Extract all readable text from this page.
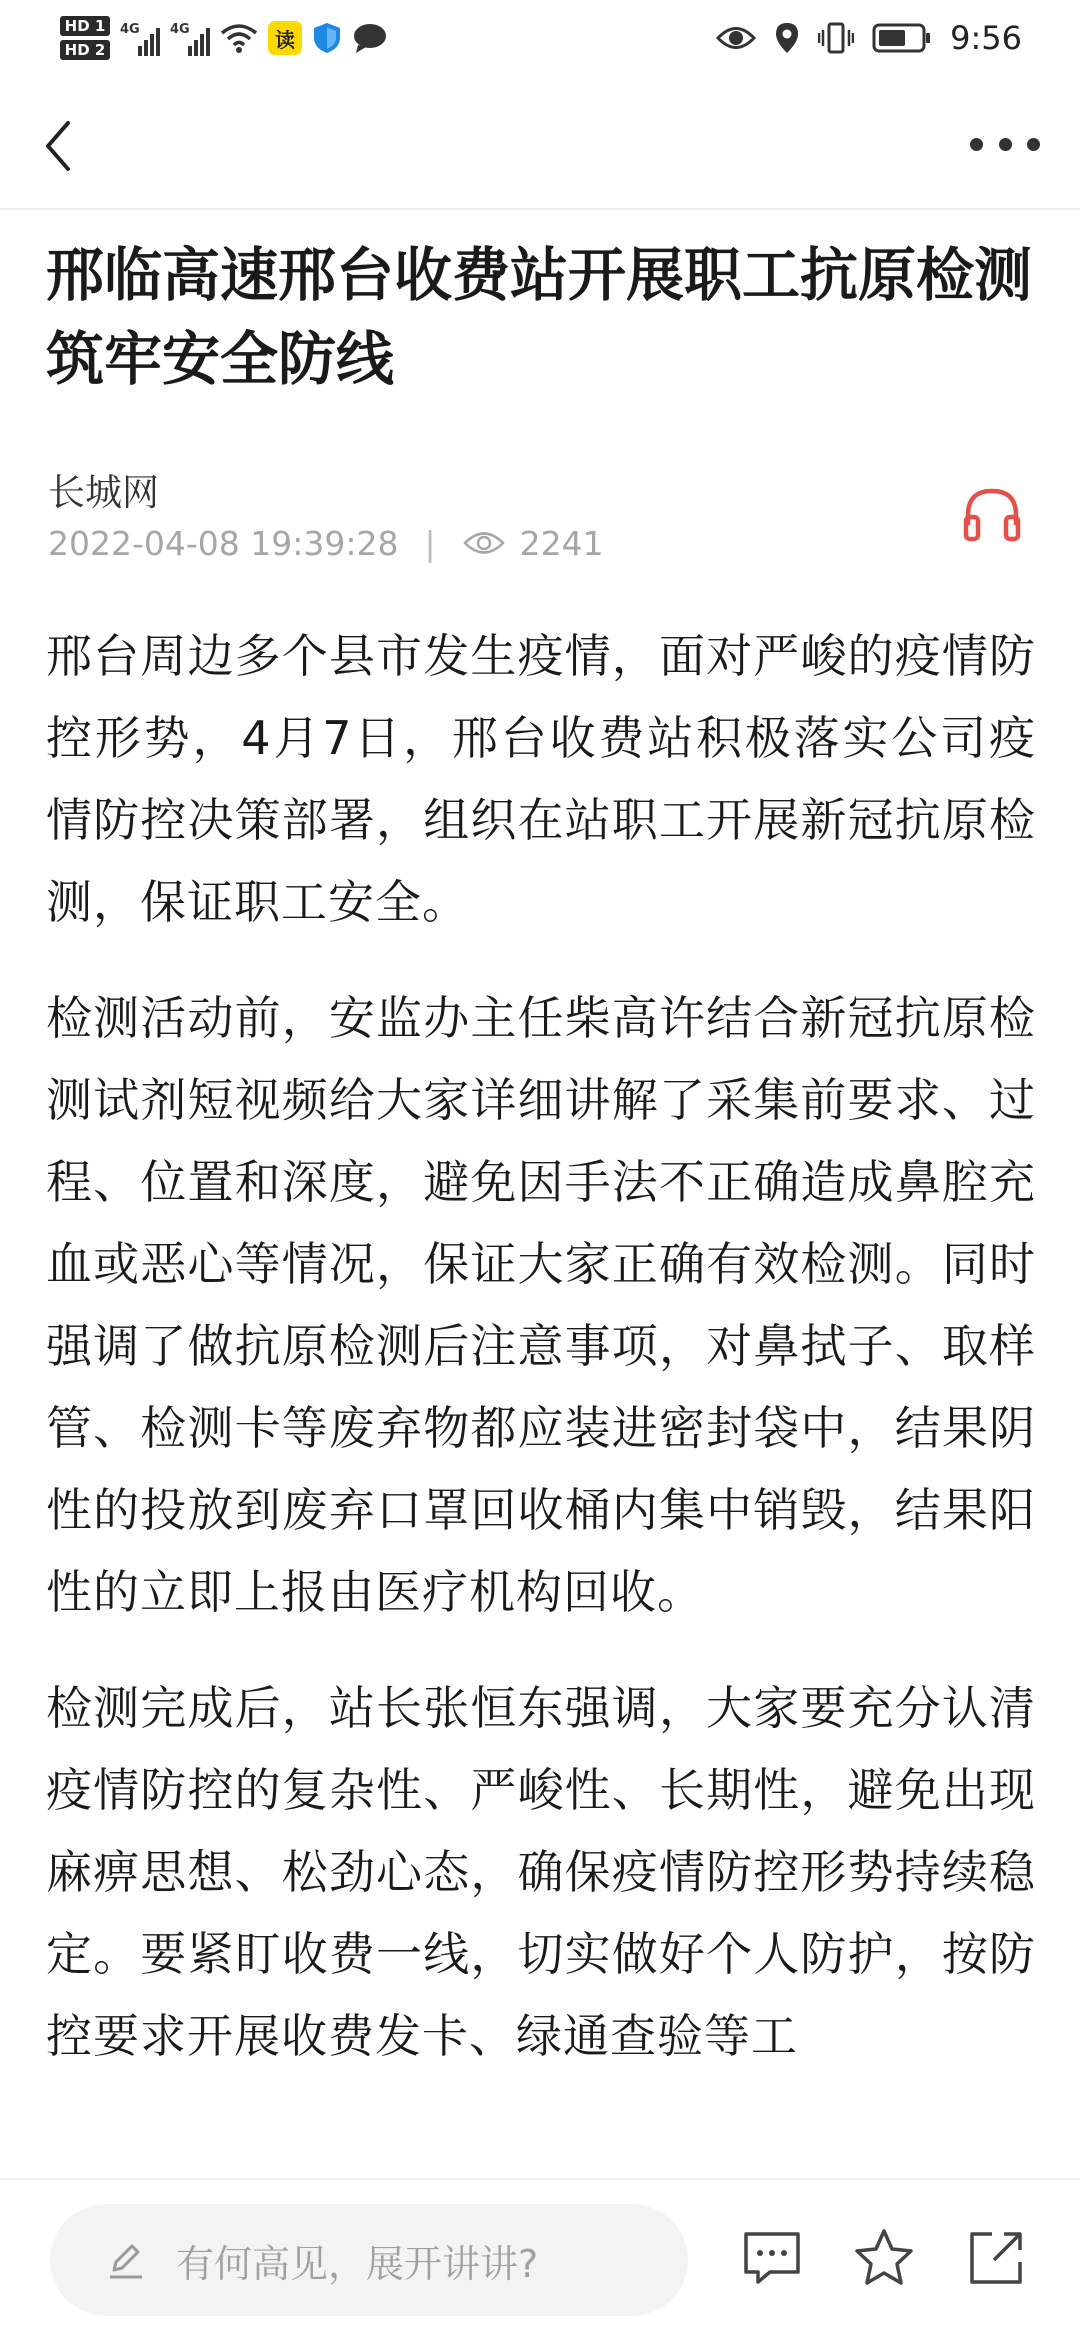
HD 1
HD 2
4G 4G	读	9:56
邢临高速邢台收费站开展职工抗原检测 筑牢安全防线
长城网
2022-04-08 19:39:28 |	2241

邢台周边多个县市发生疫情，面对严峻的疫情防控形势，4月7日，邢台收费站积极落实公司疫情防控决策部署，组织在站职工开展新冠抗原检测，保证职工安全。

检测活动前，安监办主任柴高许结合新冠抗原检测试剂短视频给大家详细讲解了采集前要求、过程、位置和深度，避免因手法不正确造成鼻腔充血或恶心等情况，保证大家正确有效检测。同时强调了做抗原检测后注意事项，对鼻拭子、取样管、检测卡等废弃物都应装进密封袋中，结果阴性的投放到废弃口罩回收桶内集中销毁，结果阳性的立即上报由医疗机构回收。

检测完成后，站长张恒东强调，大家要充分认清疫情防控的复杂性、严峻性、长期性，避免出现麻痹思想、松劲心态，确保疫情防控形势持续稳定。要紧盯收费一线，切实做好个人防护，按防控要求开展收费发卡、绿通查验等工

有何高见，展开讲讲?
